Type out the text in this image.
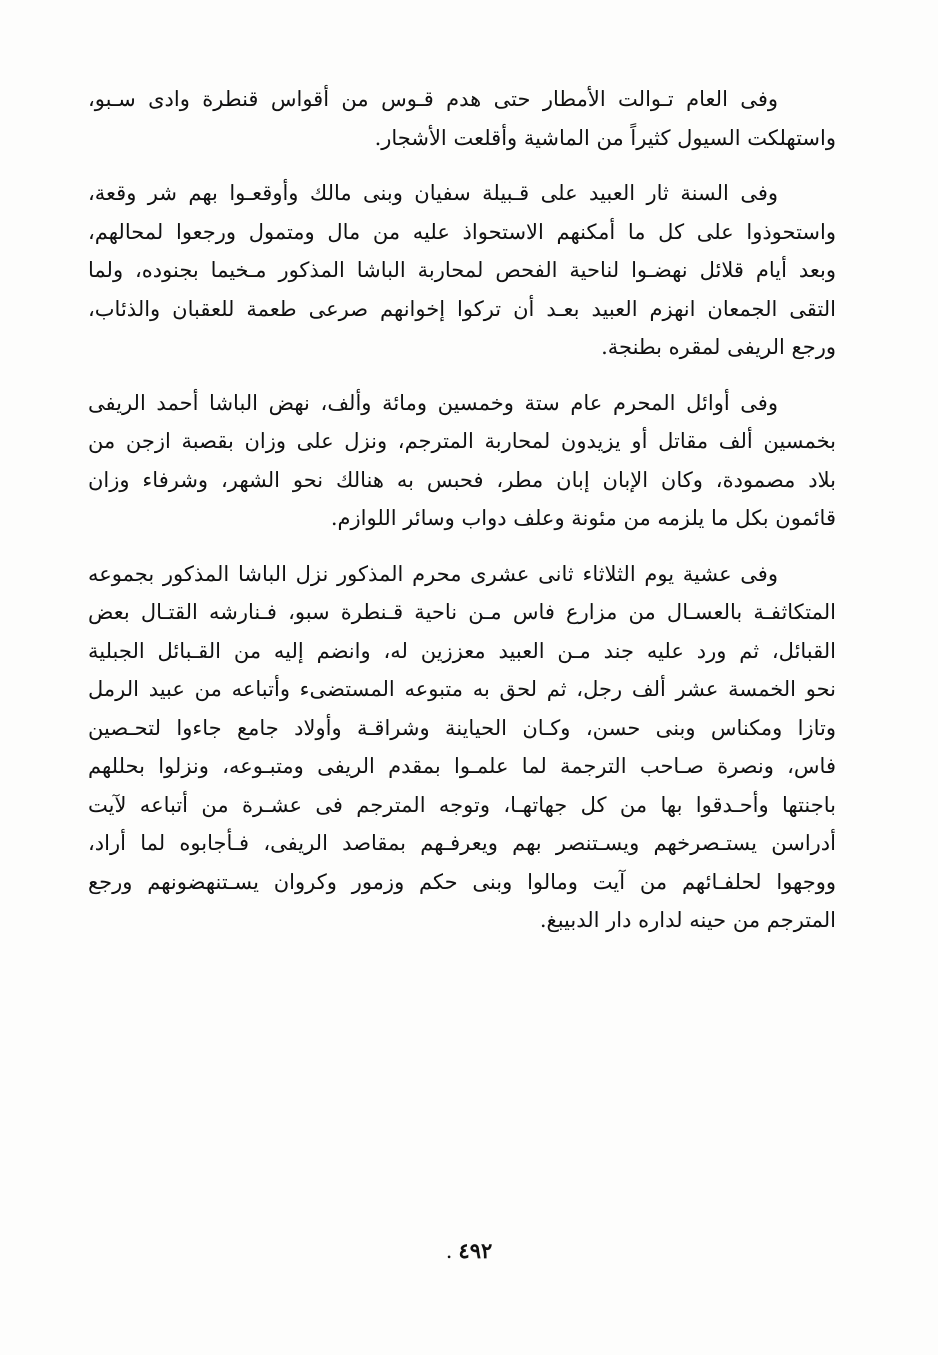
وفى العام تـوالت الأمطار حتى هدم قـوس من أقواس قنطرة وادى سـبو،
واستهلكت السيول كثيراً من الماشية وأقلعت الأشجار.
وفى السنة ثار العبيد على قـبيلة سفيان وبنى مالك وأوقعـوا بهم شر وقعة،
واستحوذوا على كل ما أمكنهم الاستحواذ عليه من مال ومتمول ورجعوا لمحالهم،
وبعد أيام قلائل نهضـوا لناحية الفحص لمحاربة الباشا المذكور مـخيما بجنوده، ولما
التقى الجمعان انهزم العبيد بعـد أن تركوا إخوانهم صرعى طعمة للعقبان والذئاب،
ورجع الريفى لمقره بطنجة.
وفى أوائل المحرم عام ستة وخمسين ومائة وألف، نهض الباشا أحمد الريفى
بخمسين ألف مقاتل أو يزيدون لمحاربة المترجم، ونزل على وزان بقصبة ازجن من
بلاد مصمودة، وكان الإبان إبان مطر، فحبس به هنالك نحو الشهر، وشرفاء وزان
قائمون بكل ما يلزمه من مئونة وعلف دواب وسائر اللوازم.
وفى عشية يوم الثلاثاء ثانى عشرى محرم المذكور نزل الباشا المذكور بجموعه
المتكاثفـة بالعسـال من مزارع فاس مـن ناحية قـنطرة سبو، فـنارشه القتـال بعض
القبائل، ثم ورد عليه جند مـن العبيد معززين له، وانضم إليه من القـبائل الجبلية
نحو الخمسة عشر ألف رجل، ثم لحق به متبوعه المستضىء وأتباعه من عبيد الرمل
وتازا ومكناس وبنى حسن، وكـان الحياينة وشراقـة وأولاد جامع جاءوا لتحـصين
فاس، ونصرة صـاحب الترجمة لما علمـوا بمقدم الريفى ومتبـوعه، ونزلوا بحللهم
باجنتها وأحـدقوا بها من كل جهاتهـا، وتوجه المترجم فى عشـرة من أتباعه لآيت
أدراسن يستـصرخهم ويسـتنصر بهم ويعرفـهم بمقاصد الريفى، فـأجابوه لما أراد،
ووجهوا لحلفـائهم من آيت ومالوا وبنى حكم وزمور وكروان يسـتنهضونهم ورجع
المترجم من حينه لداره دار الدبيبغ.
٤٩٢.
